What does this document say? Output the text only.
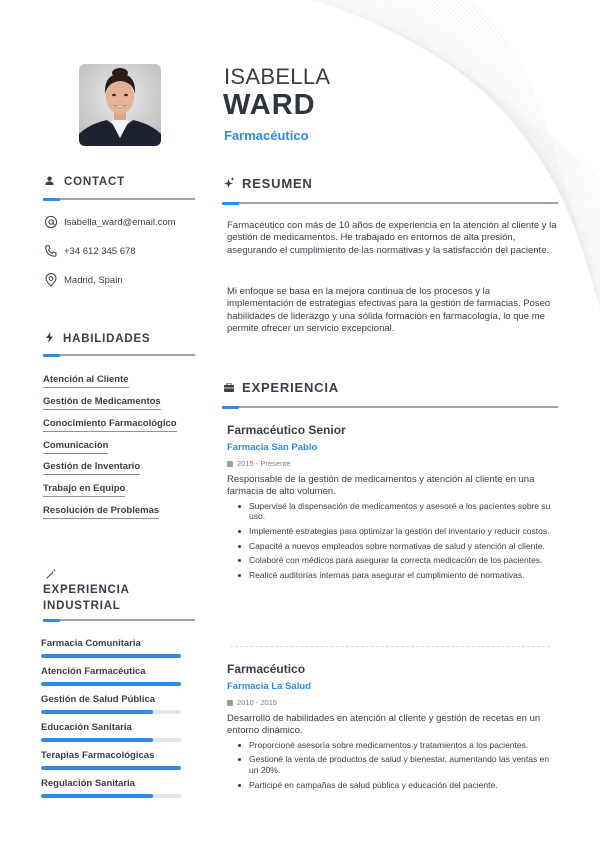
ISABELLA
WARD
Farmacéutico
CONTACT
Isabella_ward@email.com
+34 612 345 678
Madrid, Spain
HABILIDADES
Atención al Cliente
Gestión de Medicamentos
Conocimiento Farmacológico
Comunicación
Gestión de Inventario
Trabajo en Equipo
Resolución de Problemas
EXPERIENCIA
INDUSTRIAL
Farmacia Comunitaria
Atención Farmacéutica
Gestión de Salud Pública
Educación Sanitaria
Terapias Farmacológicas
Regulación Sanitaria
RESUMEN

Farmacéutico con más de 10 años de experiencia en la atención al cliente y la gestión de medicamentos. He trabajado en entornos de alta presión, asegurando el cumplimiento de las normativas y la satisfacción del paciente.

Mi enfoque se basa en la mejora continua de los procesos y la implementación de estrategias efectivas para la gestión de farmacias. Poseo habilidades de liderazgo y una sólida formación en farmacología, lo que me permite ofrecer un servicio excepcional.

EXPERIENCIA
Farmacéutico Senior
Farmacia San Pablo
2015 - Presente
Responsable de la gestión de medicamentos y atención al cliente en una farmacia de alto volumen.
Supervisé la dispensación de medicamentos y asesoré a los pacientes sobre su uso.
Implementé estrategias para optimizar la gestión del inventario y reducir costos.
Capacité a nuevos empleados sobre normativas de salud y atención al cliente.
Colaboré con médicos para asegurar la correcta medicación de los pacientes.
Realicé auditorías internas para asegurar el cumplimiento de normativas.
Farmacéutico
Farmacia La Salud
2010 - 2015
Desarrollo de habilidades en atención al cliente y gestión de recetas en un entorno dinámico.
Proporcioné asesoría sobre medicamentos y tratamientos a los pacientes.
Gestioné la venta de productos de salud y bienestar, aumentando las ventas en un 20%.
Participé en campañas de salud pública y educación del paciente.
